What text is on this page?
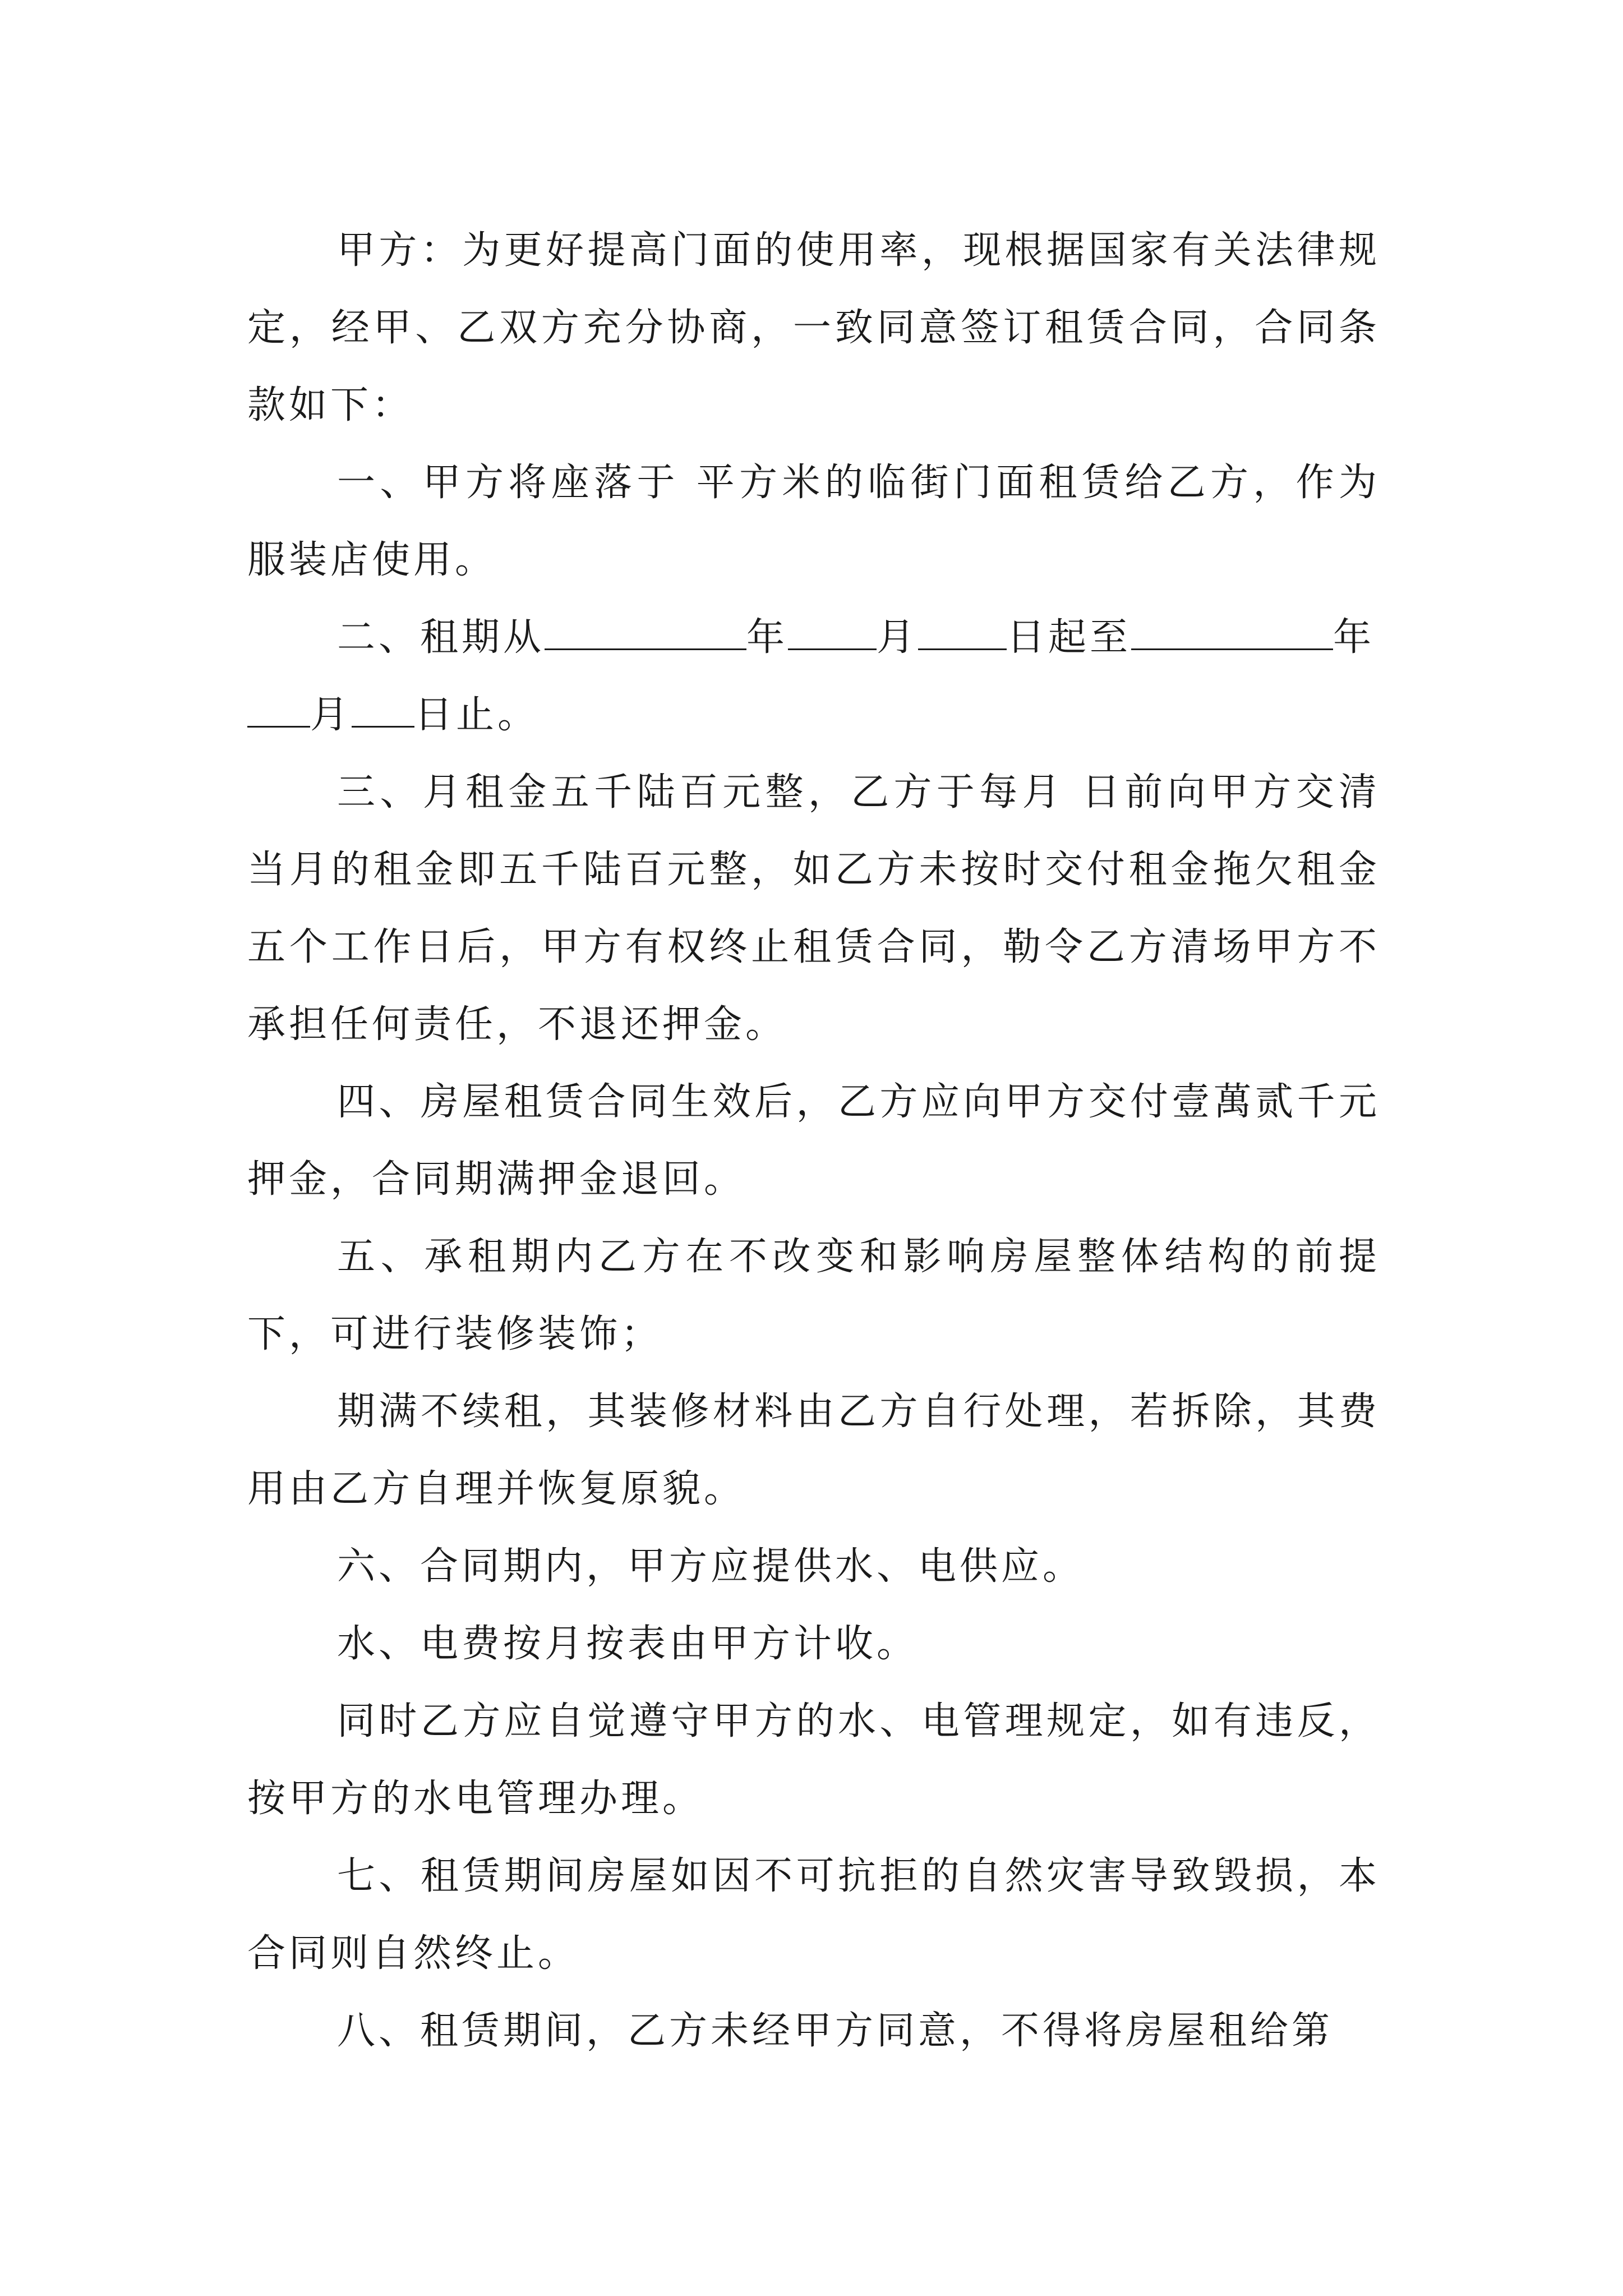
甲方：为更好提高门面的使用率，现根据国家有关法律规定，经甲、乙双方充分协商，一致同意签订租赁合同，合同条款如下：

一、甲方将座落于 平方米的临街门面租赁给乙方，作为服装店使用。

二、租期从	年 月 日起至	年
月 日止。

三、月租金五千陆百元整，乙方于每月 日前向甲方交清当月的租金即五千陆百元整，如乙方未按时交付租金拖欠租金五个工作日后，甲方有权终止租赁合同，勒令乙方清场甲方不承担任何责任，不退还押金。

四、房屋租赁合同生效后，乙方应向甲方交付壹萬贰千元押金，合同期满押金退回。

五、承租期内乙方在不改变和影响房屋整体结构的前提下，可进行装修装饰；

期满不续租，其装修材料由乙方自行处理，若拆除，其费用由乙方自理并恢复原貌。

六、合同期内，甲方应提供水、电供应。

水、电费按月按表由甲方计收。

同时乙方应自觉遵守甲方的水、电管理规定，如有违反，按甲方的水电管理办理。

七、租赁期间房屋如因不可抗拒的自然灾害导致毁损，本合同则自然终止。

八、租赁期间，乙方未经甲方同意，不得将房屋租给第
